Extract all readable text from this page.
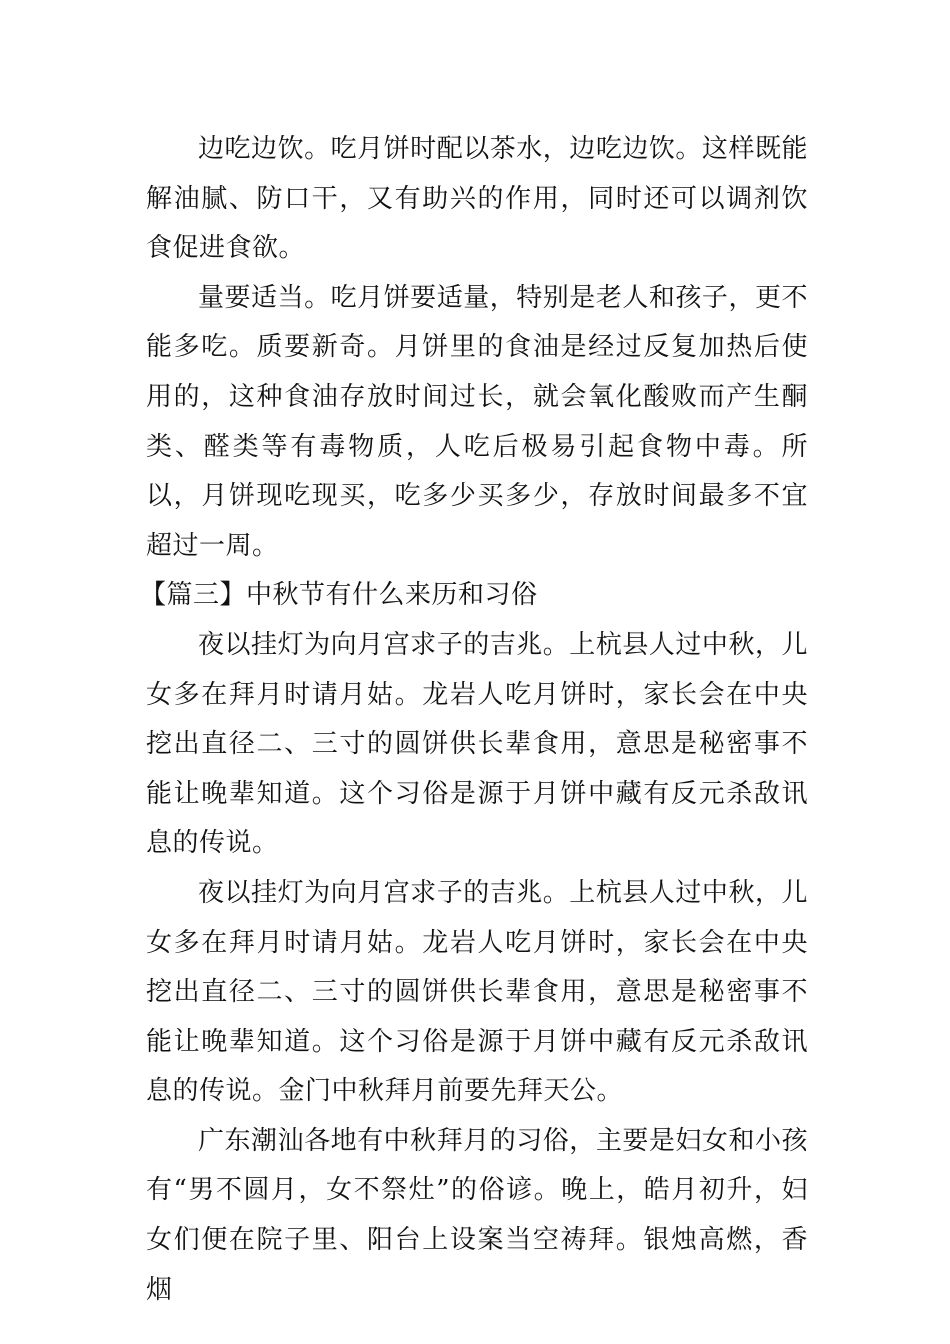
边吃边饮。吃月饼时配以茶水，边吃边饮。这样既能解油腻、防口干，又有助兴的作用，同时还可以调剂饮食促进食欲。

量要适当。吃月饼要适量，特别是老人和孩子，更不能多吃。质要新奇。月饼里的食油是经过反复加热后使用的，这种食油存放时间过长，就会氧化酸败而产生酮类、醛类等有毒物质，人吃后极易引起食物中毒。所以，月饼现吃现买，吃多少买多少，存放时间最多不宜超过一周。

【篇三】中秋节有什么来历和习俗

夜以挂灯为向月宫求子的吉兆。上杭县人过中秋，儿女多在拜月时请月姑。龙岩人吃月饼时，家长会在中央挖出直径二、三寸的圆饼供长辈食用，意思是秘密事不能让晚辈知道。这个习俗是源于月饼中藏有反元杀敌讯息的传说。

夜以挂灯为向月宫求子的吉兆。上杭县人过中秋，儿女多在拜月时请月姑。龙岩人吃月饼时，家长会在中央挖出直径二、三寸的圆饼供长辈食用，意思是秘密事不能让晚辈知道。这个习俗是源于月饼中藏有反元杀敌讯息的传说。金门中秋拜月前要先拜天公。

广东潮汕各地有中秋拜月的习俗，主要是妇女和小孩有“男不圆月，女不祭灶”的俗谚。晚上，皓月初升，妇女们便在院子里、阳台上设案当空祷拜。银烛高燃，香烟
